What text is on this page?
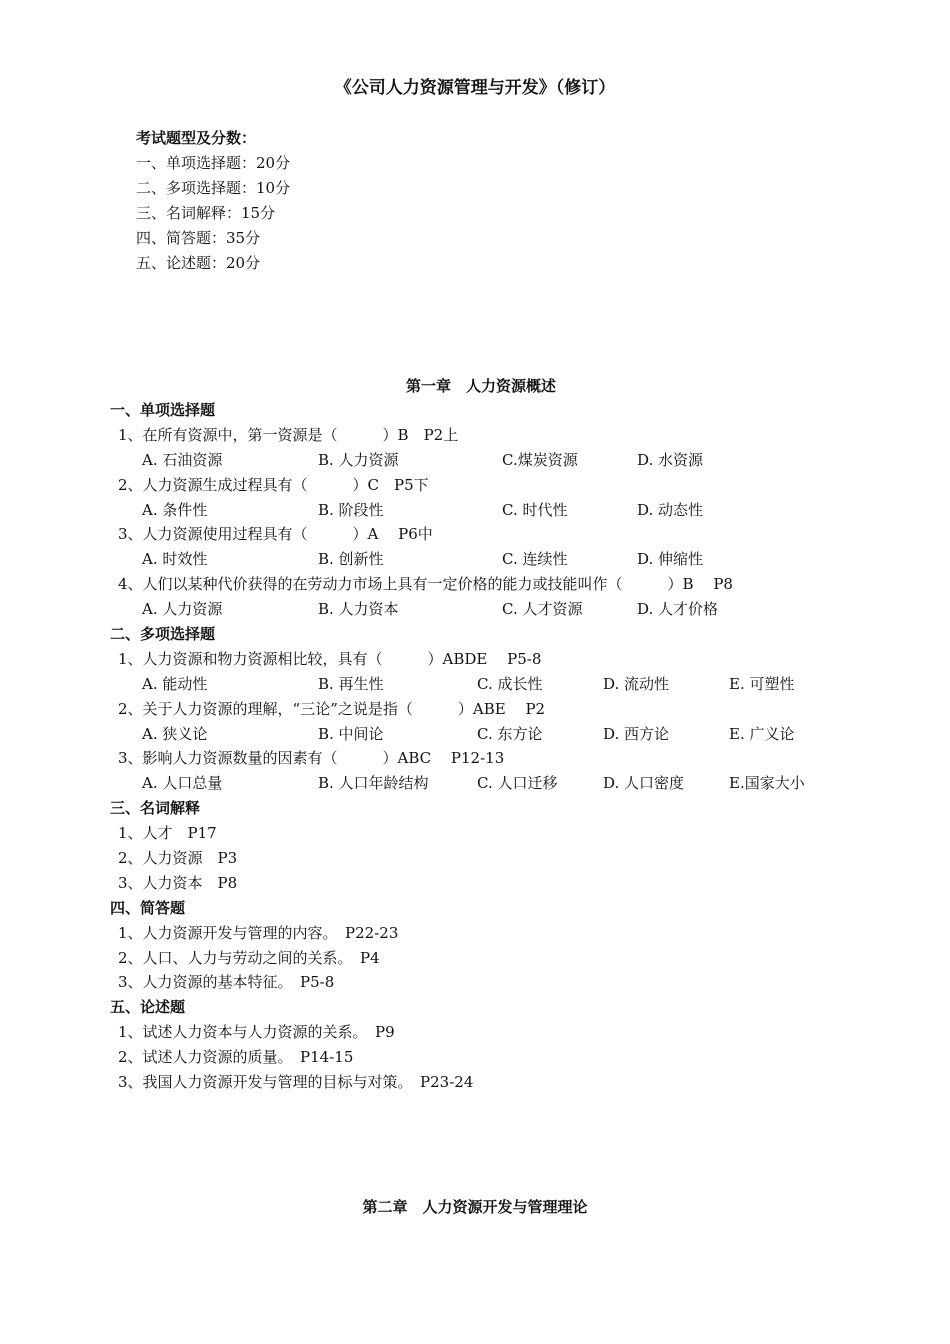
《公司人力资源管理与开发》（修订）
考试题型及分数：
一、单项选择题：20分
二、多项选择题：10分
三、名词解释：15分
四、简答题：35分
五、论述题：20分
第一章　人力资源概述
一、单项选择题
1、在所有资源中，第一资源是（　　　）B　P2上

A. 石油资源

	B. 人力资源

	C.煤炭资源

	D. 水资源

2、人力资源生成过程具有（　　　）C　P5下

A. 条件性

	B. 阶段性

	C. 时代性

	D. 动态性

3、人力资源使用过程具有（　　　）A　 P6中

A. 时效性

	B. 创新性

	C. 连续性

	D. 伸缩性

4、人们以某种代价获得的在劳动力市场上具有一定价格的能力或技能叫作（　　　）B　 P8

A. 人力资源

	B. 人力资本

	C. 人才资源

	D. 人才价格

二、多项选择题
1、人力资源和物力资源相比较，具有（　　　）ABDE　 P5-8

A. 能动性

	B. 再生性

	C. 成长性

	D. 流动性

	E. 可塑性

2、关于人力资源的理解，“三论”之说是指（　　　）ABE　 P2

A. 狭义论

	B. 中间论

	C. 东方论

	D. 西方论

	E. 广义论

3、影响人力资源数量的因素有（　　　）ABC　 P12-13

A. 人口总量

	B. 人口年龄结构

	C. 人口迁移

	D. 人口密度

	E.国家大小

三、名词解释
1、人才　P17
2、人力资源　P3
3、人力资本　P8
四、简答题
1、人力资源开发与管理的内容。　P22-23
2、人口、人力与劳动之间的关系。　P4
3、人力资源的基本特征。　P5-8
五、论述题
1、试述人力资本与人力资源的关系。　P9
2、试述人力资源的质量。　P14-15
3、我国人力资源开发与管理的目标与对策。　P23-24
第二章　人力资源开发与管理理论
